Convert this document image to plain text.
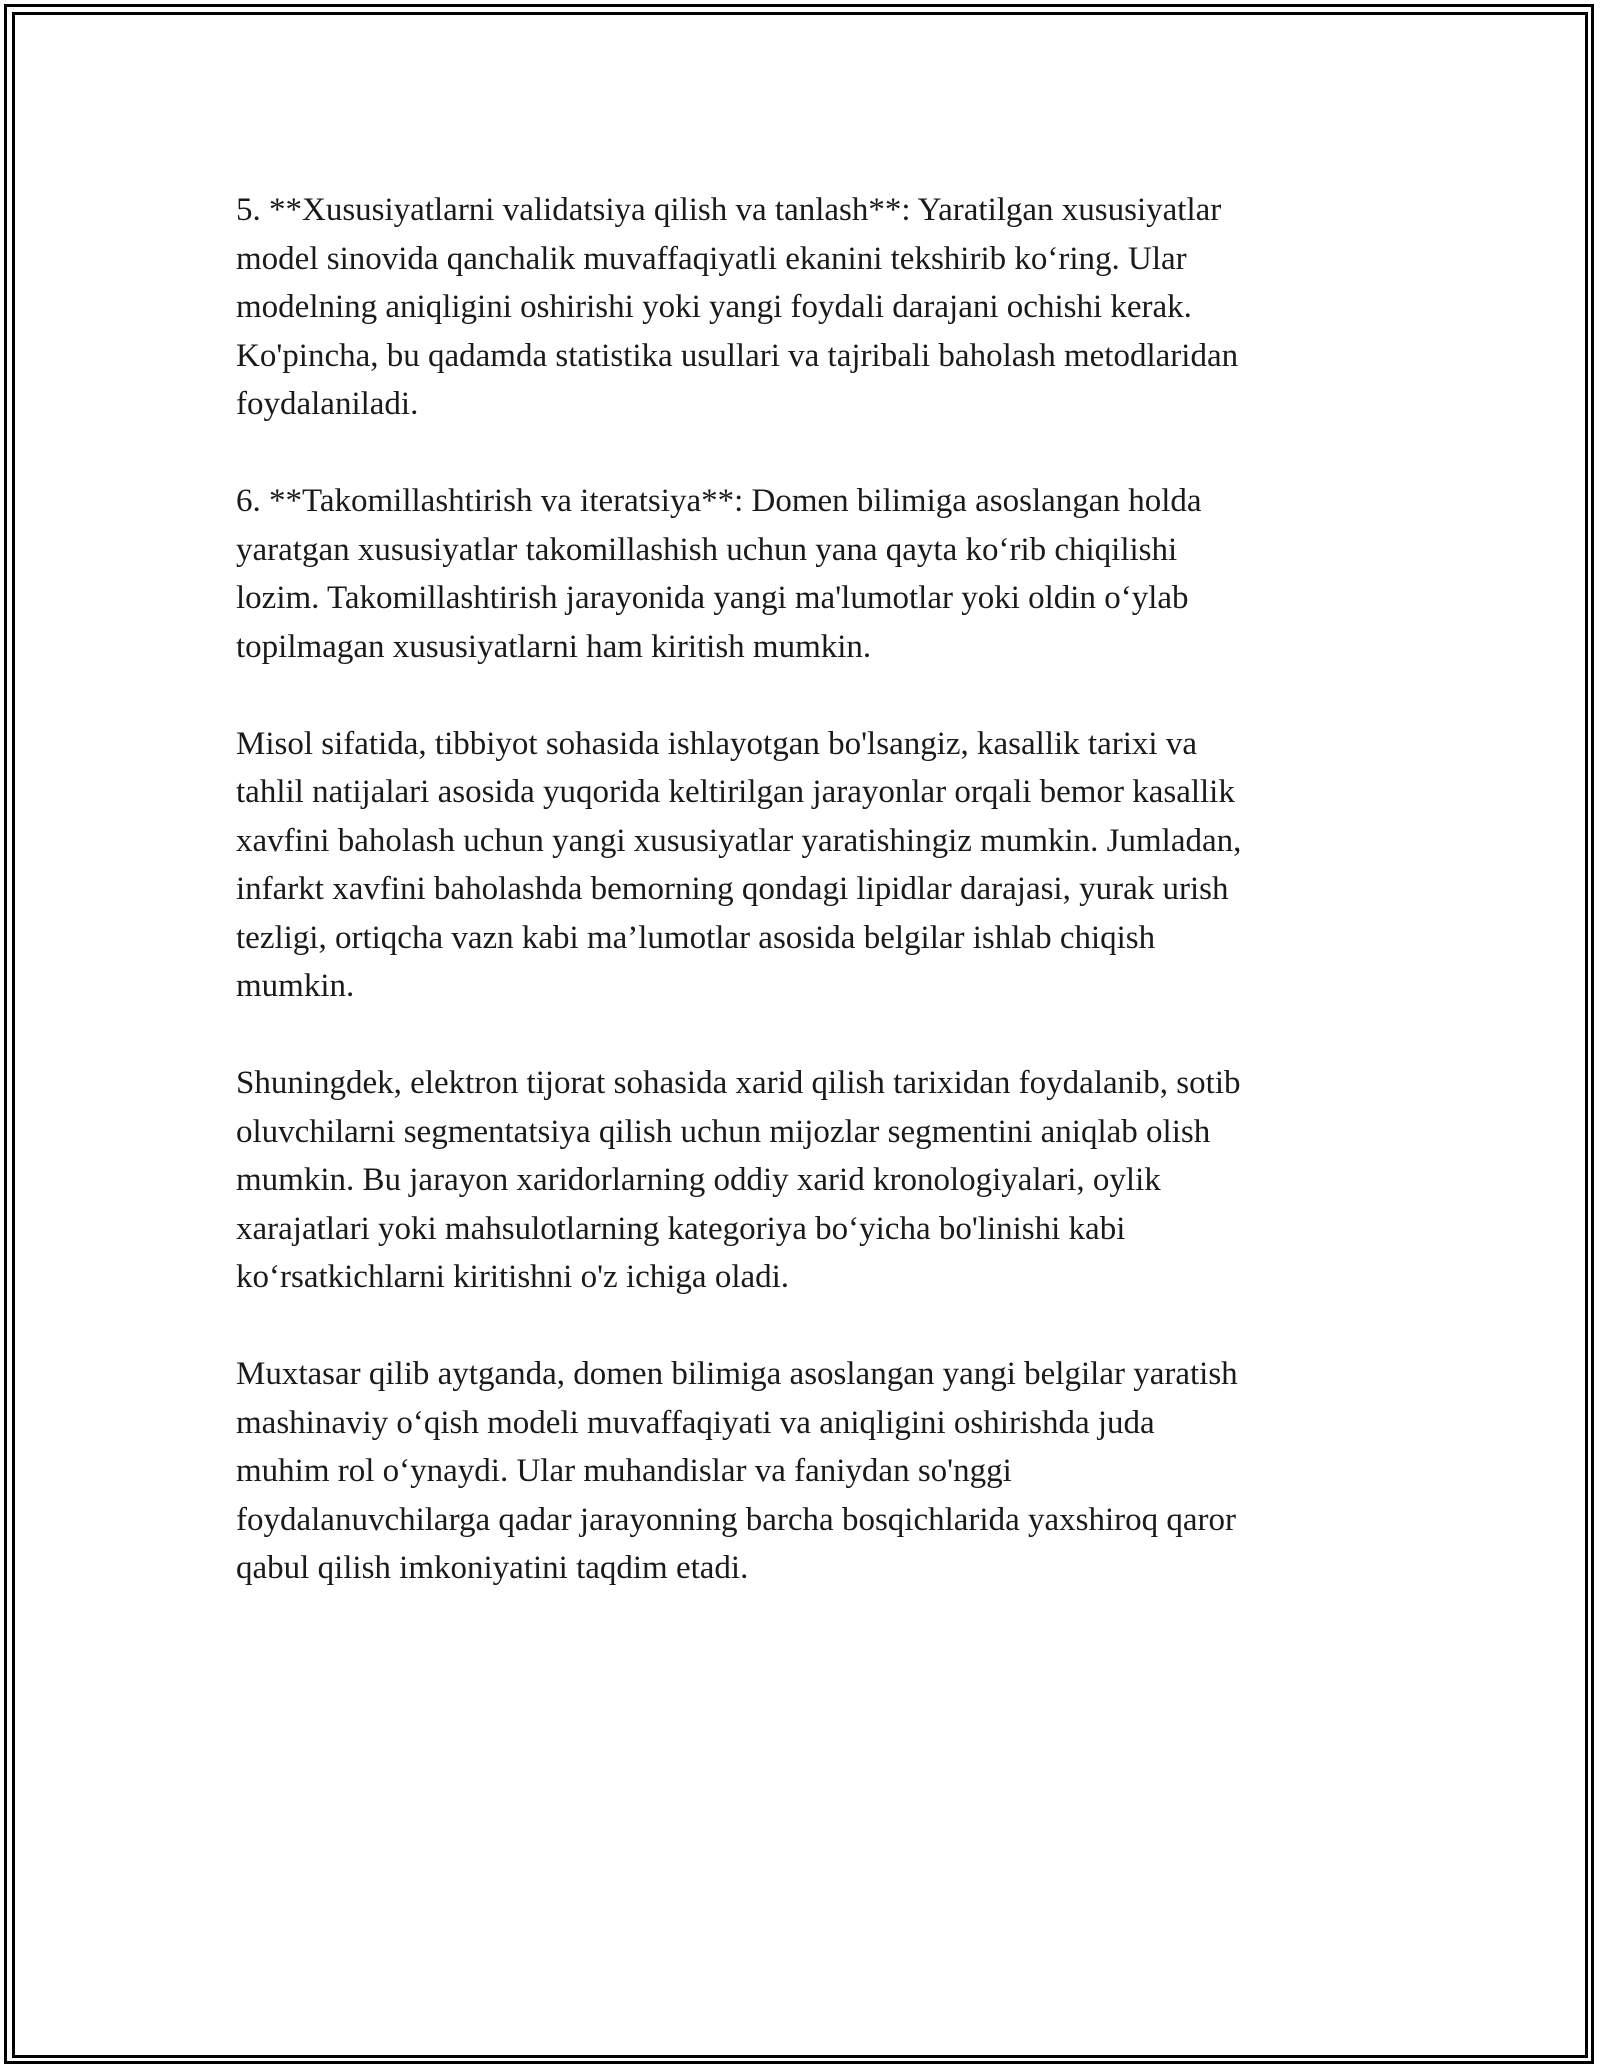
5. **Xususiyatlarni validatsiya qilish va tanlash**: Yaratilgan xususiyatlar
model sinovida qanchalik muvaffaqiyatli ekanini tekshirib ko‘ring. Ular
modelning aniqligini oshirishi yoki yangi foydali darajani ochishi kerak.
Ko'pincha, bu qadamda statistika usullari va tajribali baholash metodlaridan
foydalaniladi.

6. **Takomillashtirish va iteratsiya**: Domen bilimiga asoslangan holda
yaratgan xususiyatlar takomillashish uchun yana qayta ko‘rib chiqilishi
lozim. Takomillashtirish jarayonida yangi ma'lumotlar yoki oldin o‘ylab
topilmagan xususiyatlarni ham kiritish mumkin.

Misol sifatida, tibbiyot sohasida ishlayotgan bo'lsangiz, kasallik tarixi va
tahlil natijalari asosida yuqorida keltirilgan jarayonlar orqali bemor kasallik
xavfini baholash uchun yangi xususiyatlar yaratishingiz mumkin. Jumladan,
infarkt xavfini baholashda bemorning qondagi lipidlar darajasi, yurak urish
tezligi, ortiqcha vazn kabi ma’lumotlar asosida belgilar ishlab chiqish
mumkin.

Shuningdek, elektron tijorat sohasida xarid qilish tarixidan foydalanib, sotib
oluvchilarni segmentatsiya qilish uchun mijozlar segmentini aniqlab olish
mumkin. Bu jarayon xaridorlarning oddiy xarid kronologiyalari, oylik
xarajatlari yoki mahsulotlarning kategoriya bo‘yicha bo'linishi kabi
ko‘rsatkichlarni kiritishni o'z ichiga oladi.

Muxtasar qilib aytganda, domen bilimiga asoslangan yangi belgilar yaratish
mashinaviy o‘qish modeli muvaffaqiyati va aniqligini oshirishda juda
muhim rol o‘ynaydi. Ular muhandislar va faniydan so'nggi
foydalanuvchilarga qadar jarayonning barcha bosqichlarida yaxshiroq qaror
qabul qilish imkoniyatini taqdim etadi.
